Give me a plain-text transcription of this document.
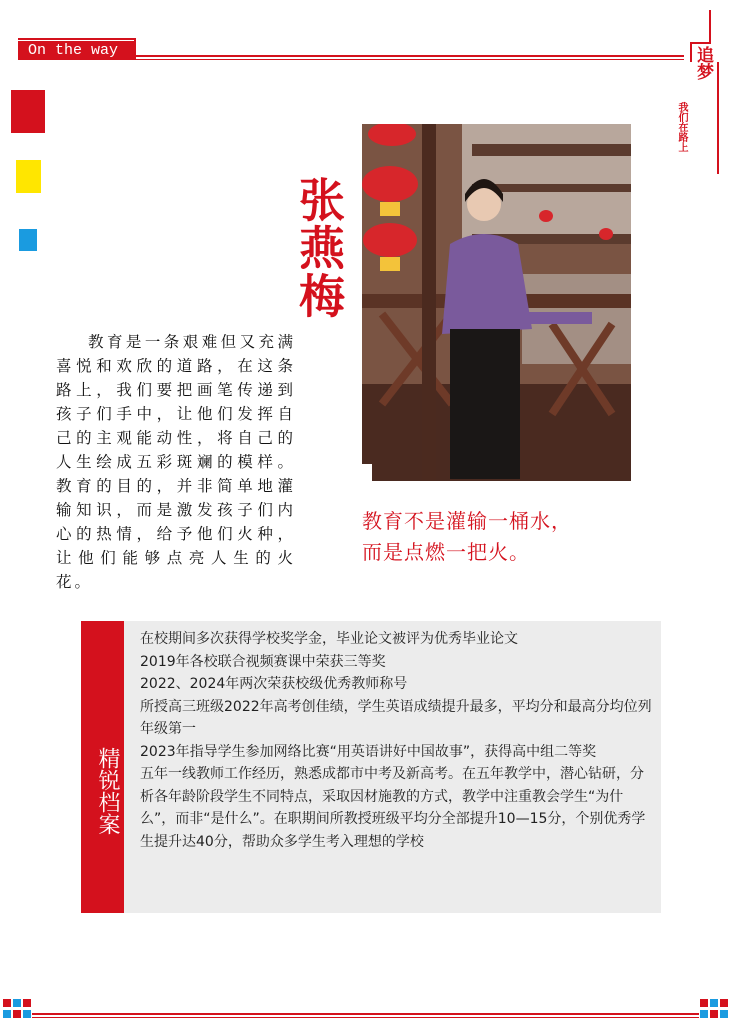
On the way	追梦
我们在路上
张燕梅
教育是一条艰难但又充满喜悦和欢欣的道路，在这条路上，我们要把画笔传递到孩子们手中，让他们发挥自己的主观能动性，将自己的人生绘成五彩斑斓的模样。教育的目的，并非简单地灌输知识，而是激发孩子们内心的热情，给予他们火种，让他们能够点亮人生的火花。
教育不是灌输一桶水，
而是点燃一把火。
精锐档案
在校期间多次获得学校奖学金，毕业论文被评为优秀毕业论文
2019年各校联合视频赛课中荣获三等奖
2022、2024年两次荣获校级优秀教师称号
所授高三班级2022年高考创佳绩，学生英语成绩提升最多，平均分和最高分均位列年级第一
2023年指导学生参加网络比赛“用英语讲好中国故事”，获得高中组二等奖
五年一线教师工作经历，熟悉成都市中考及新高考。在五年教学中，潜心钻研，分析各年龄阶段学生不同特点，采取因材施教的方式，教学中注重教会学生“为什么”，而非“是什么”。在职期间所教授班级平均分全部提升10—15分，个别优秀学生提升达40分，帮助众多学生考入理想的学校
